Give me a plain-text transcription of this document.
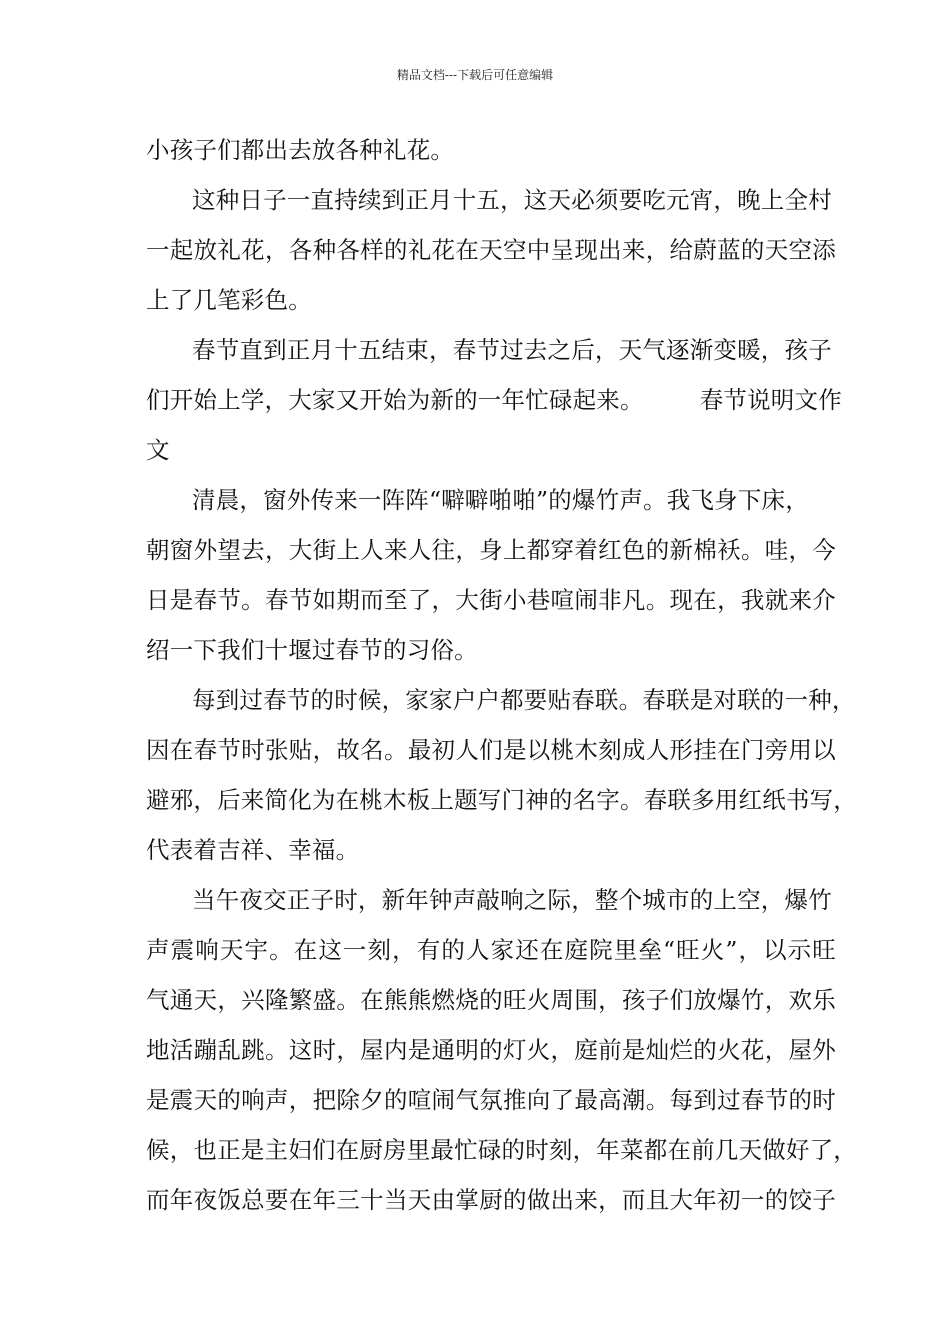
精品文档---下载后可任意编辑
小孩子们都出去放各种礼花。
这种日子一直持续到正月十五，这天必须要吃元宵，晚上全村
一起放礼花，各种各样的礼花在天空中呈现出来，给蔚蓝的天空添
上了几笔彩色。
春节直到正月十五结束，春节过去之后，天气逐渐变暖，孩子
们开始上学，大家又开始为新的一年忙碌起来。 春节说明文作
文
清晨，窗外传来一阵阵“噼噼啪啪”的爆竹声。我飞身下床，
朝窗外望去，大街上人来人往，身上都穿着红色的新棉袄。哇，今
日是春节。春节如期而至了，大街小巷喧闹非凡。现在，我就来介
绍一下我们十堰过春节的习俗。
每到过春节的时候，家家户户都要贴春联。春联是对联的一种，
因在春节时张贴，故名。最初人们是以桃木刻成人形挂在门旁用以
避邪，后来简化为在桃木板上题写门神的名字。春联多用红纸书写，
代表着吉祥、幸福。
当午夜交正子时，新年钟声敲响之际，整个城市的上空，爆竹
声震响天宇。在这一刻，有的人家还在庭院里垒“旺火”，以示旺
气通天，兴隆繁盛。在熊熊燃烧的旺火周围，孩子们放爆竹，欢乐
地活蹦乱跳。这时，屋内是通明的灯火，庭前是灿烂的火花，屋外
是震天的响声，把除夕的喧闹气氛推向了最高潮。每到过春节的时
候，也正是主妇们在厨房里最忙碌的时刻，年菜都在前几天做好了，
而年夜饭总要在年三十当天由掌厨的做出来，而且大年初一的饺子
